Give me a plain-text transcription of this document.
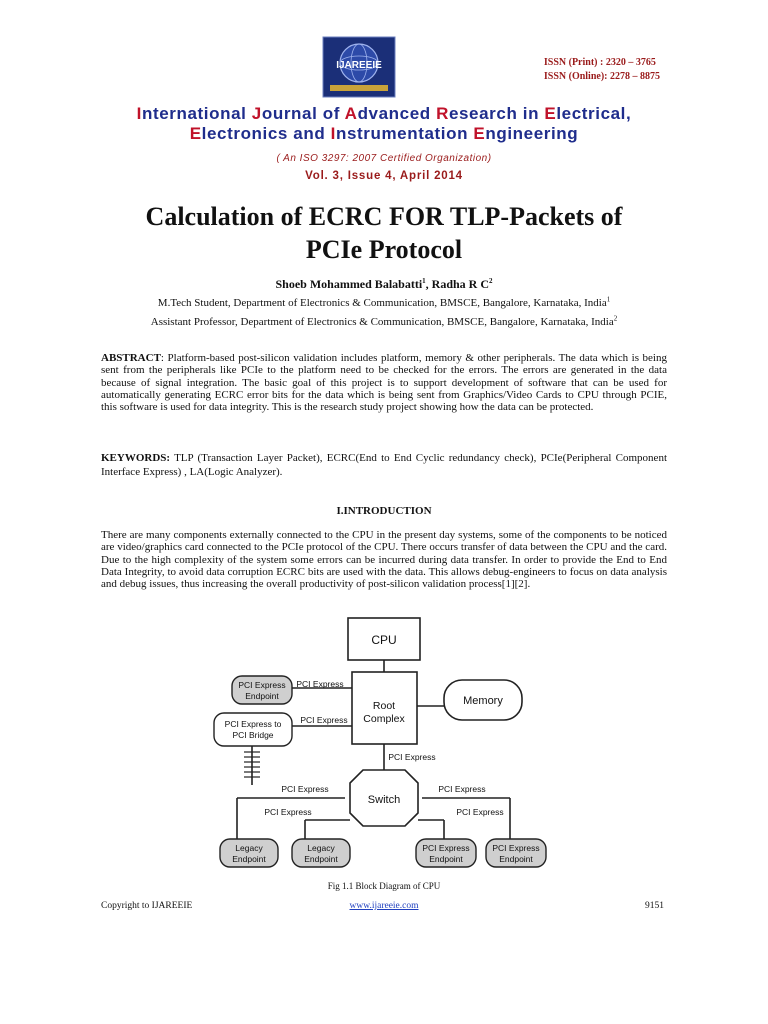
IJAREEIE	ISSN (Print) : 2320 – 3765
ISSN (Online): 2278 – 8875
International Journal of Advanced Research in Electrical,
Electronics and Instrumentation Engineering
( An ISO 3297: 2007 Certified Organization)
Vol. 3, Issue 4, April 2014
Calculation of ECRC FOR TLP-Packets of
PCIe Protocol
Shoeb Mohammed Balabatti$^1$, Radha R $C^2$
M.Tech Student, Department of Electronics & Communication, BMSCE, Bangalore, Karnataka, India$^1$
Assistant Professor, Department of Electronics & Communication, BMSCE, Bangalore, Karnataka, India$^2$
ABSTRACT: Platform-based post-silicon validation includes platform, memory & other peripherals. The data which is being sent from the peripherals like PCIe to the platform need to be checked for the errors. The errors are generated in the data because of signal integration. The basic goal of this project is to support development of software that can be used for automatically generating ECRC error bits for the data which is being sent from Graphics/Video Cards to CPU through PCIE, this software is used for data integrity. This is the research study project showing how the data can be protected.
KEYWORDS: TLP (Transaction Layer Packet), ECRC(End to End Cyclic redundancy check), PCIe(Peripheral Component Interface Express) , LA(Logic Analyzer).
I.INTRODUCTION
There are many components externally connected to the CPU in the present day systems, some of the components to be noticed are video/graphics card connected to the PCIe protocol of the CPU. There occurs transfer of data between the CPU and the card. Due to the high complexity of the system some errors can be incurred during data transfer. In order to provide the End to End Data Integrity, to avoid data corruption ECRC bits are used with the data. This allows debug-engineers to focus on data analysis and debug issues, thus increasing the overall productivity of post-silicon validation process[1][2].
CPU
Root
Complex
Memory
PCI Express
Endpoint
PCI Express to
PCI Bridge
Switch
Legacy
Endpoint
Legacy
Endpoint
PCI Express
Endpoint
PCI Express
Endpoint
PCI Express
PCI Express
PCI Express
PCI Express
PCI Express
PCI Express
PCI Express
Fig 1.1 Block Diagram of CPU
Copyright to IJAREEIE	www.ijareeie.com	9151
